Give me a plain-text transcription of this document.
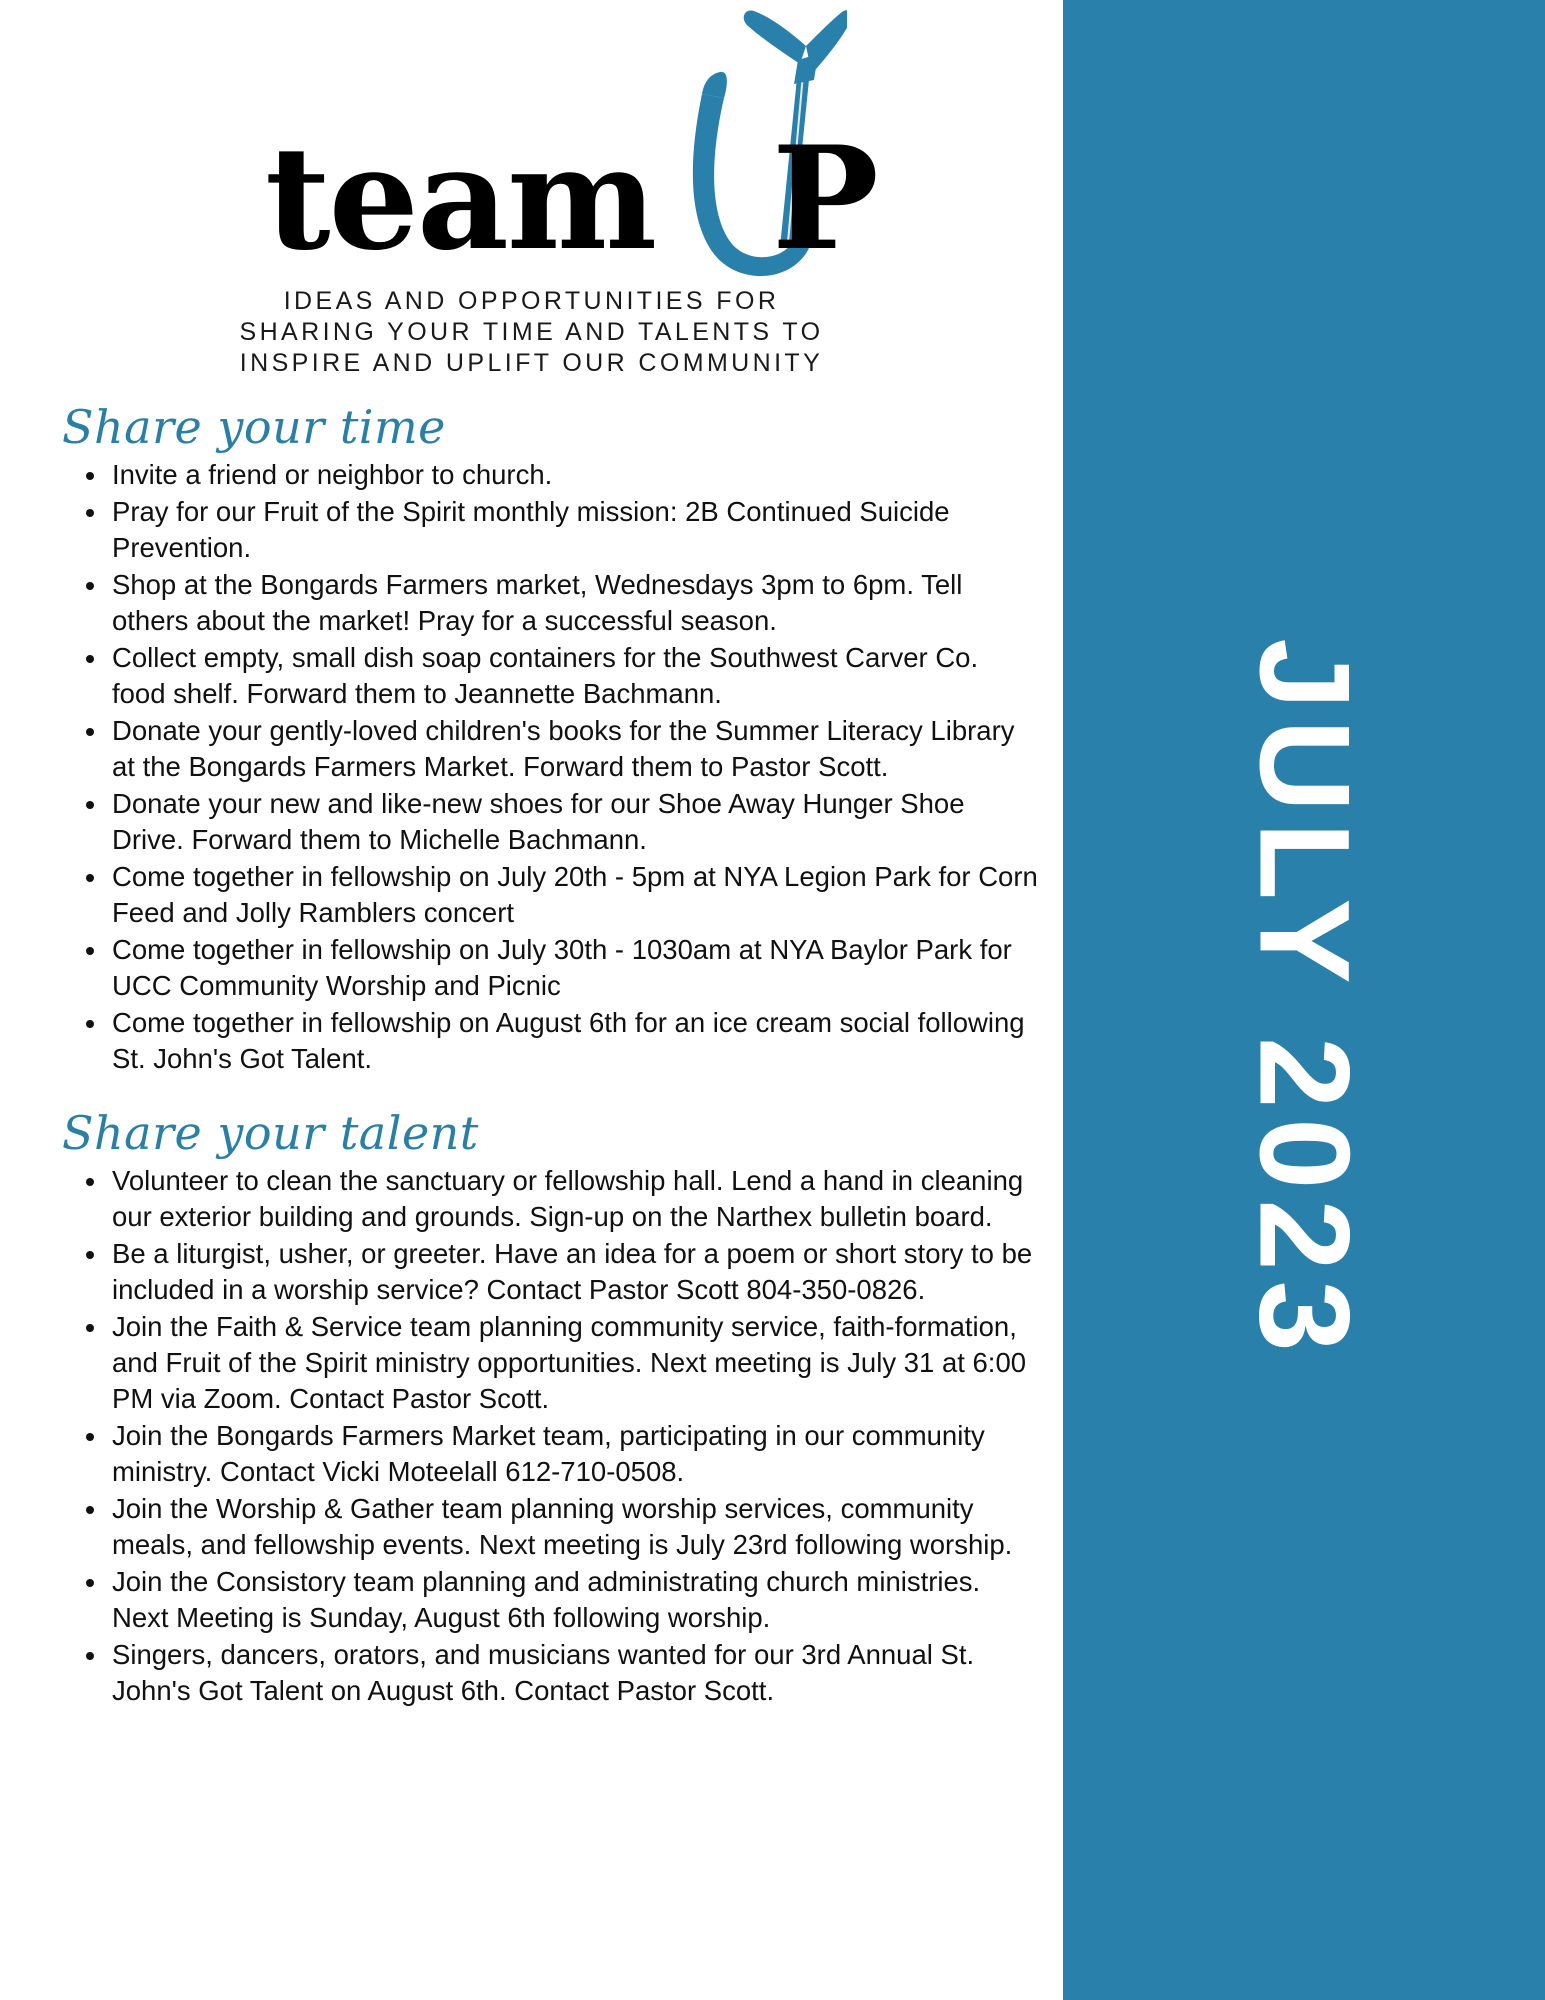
team P
IDEAS AND OPPORTUNITIES FOR
SHARING YOUR TIME AND TALENTS TO
INSPIRE AND UPLIFT OUR COMMUNITY
Share your time
Invite a friend or neighbor to church.
Pray for our Fruit of the Spirit monthly mission: 2B Continued Suicide Prevention.
Shop at the Bongards Farmers market, Wednesdays 3pm to 6pm. Tell others about the market! Pray for a successful season.
Collect empty, small dish soap containers for the Southwest Carver Co. food shelf. Forward them to Jeannette Bachmann.
Donate your gently-loved children's books for the Summer Literacy Library at the Bongards Farmers Market. Forward them to Pastor Scott.
Donate your new and like-new shoes for our Shoe Away Hunger Shoe Drive. Forward them to Michelle Bachmann.
Come together in fellowship on July 20th - 5pm at NYA Legion Park for Corn Feed and Jolly Ramblers concert
Come together in fellowship on July 30th - 1030am at NYA Baylor Park for UCC Community Worship and Picnic
Come together in fellowship on August 6th for an ice cream social following St. John's Got Talent.
Share your talent
Volunteer to clean the sanctuary or fellowship hall. Lend a hand in cleaning our exterior building and grounds. Sign-up on the Narthex bulletin board.
Be a liturgist, usher, or greeter. Have an idea for a poem or short story to be included in a worship service? Contact Pastor Scott 804-350-0826.
Join the Faith & Service team planning community service, faith-formation, and Fruit of the Spirit ministry opportunities. Next meeting is July 31 at 6:00 PM via Zoom. Contact Pastor Scott.
Join the Bongards Farmers Market team, participating in our community ministry. Contact Vicki Moteelall 612-710-0508.
Join the Worship & Gather team planning worship services, community meals, and fellowship events. Next meeting is July 23rd following worship.
Join the Consistory team planning and administrating church ministries. Next Meeting is Sunday, August 6th following worship.
Singers, dancers, orators, and musicians wanted for our 3rd Annual St. John's Got Talent on August 6th. Contact Pastor Scott.
JULY 2023
